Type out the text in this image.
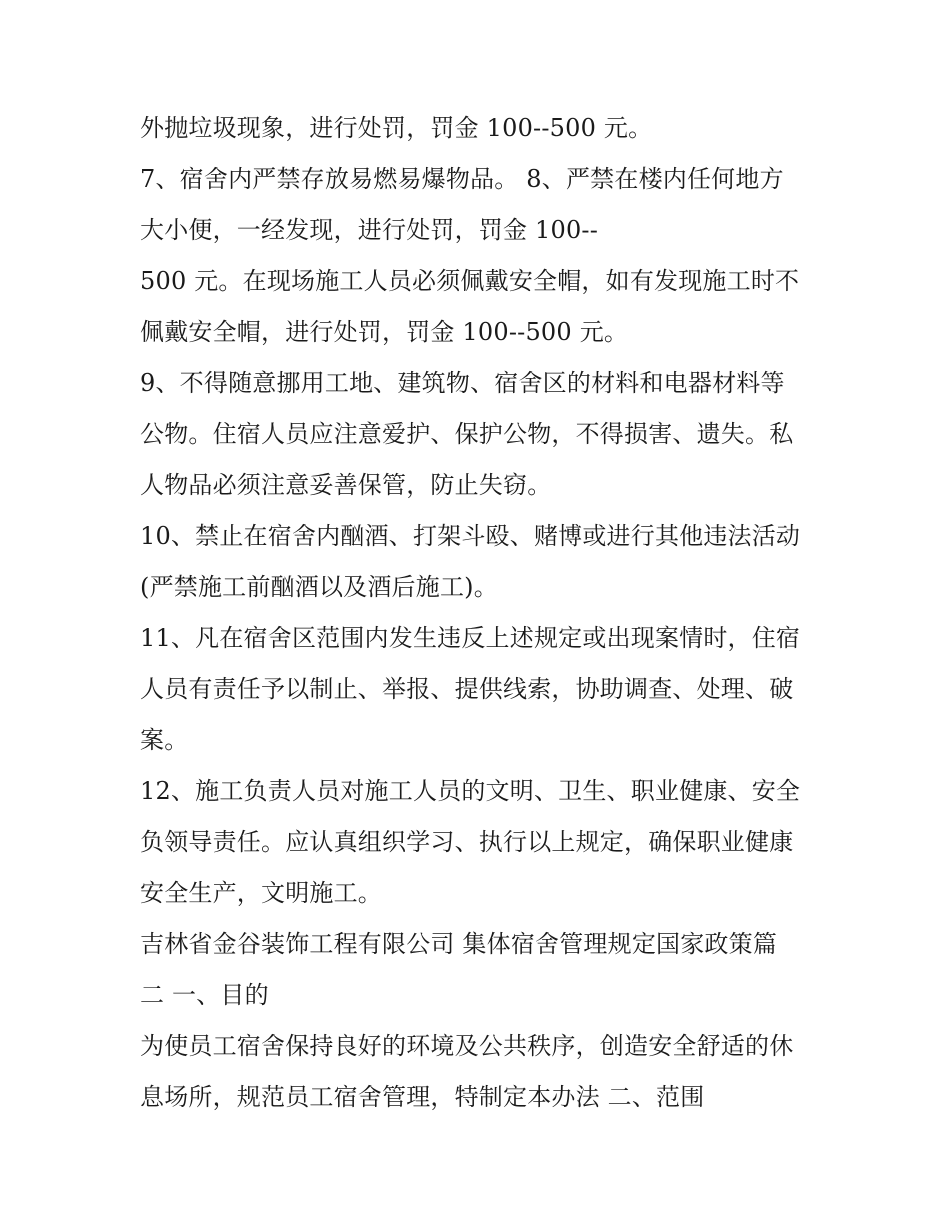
外抛垃圾现象，进行处罚，罚金 100--500 元。
7、宿舍内严禁存放易燃易爆物品。 8、严禁在楼内任何地方
大小便，一经发现，进行处罚，罚金 100--
500 元。在现场施工人员必须佩戴安全帽，如有发现施工时不
佩戴安全帽，进行处罚，罚金 100--500 元。
9、不得随意挪用工地、建筑物、宿舍区的材料和电器材料等
公物。住宿人员应注意爱护、保护公物，不得损害、遗失。私
人物品必须注意妥善保管，防止失窃。
10、禁止在宿舍内酗酒、打架斗殴、赌博或进行其他违法活动
(严禁施工前酗酒以及酒后施工)。
11、凡在宿舍区范围内发生违反上述规定或出现案情时，住宿
人员有责任予以制止、举报、提供线索，协助调查、处理、破
案。
12、施工负责人员对施工人员的文明、卫生、职业健康、安全
负领导责任。应认真组织学习、执行以上规定，确保职业健康
安全生产，文明施工。
吉林省金谷装饰工程有限公司 集体宿舍管理规定国家政策篇
二 一、目的
为使员工宿舍保持良好的环境及公共秩序，创造安全舒适的休
息场所，规范员工宿舍管理，特制定本办法 二、范围
